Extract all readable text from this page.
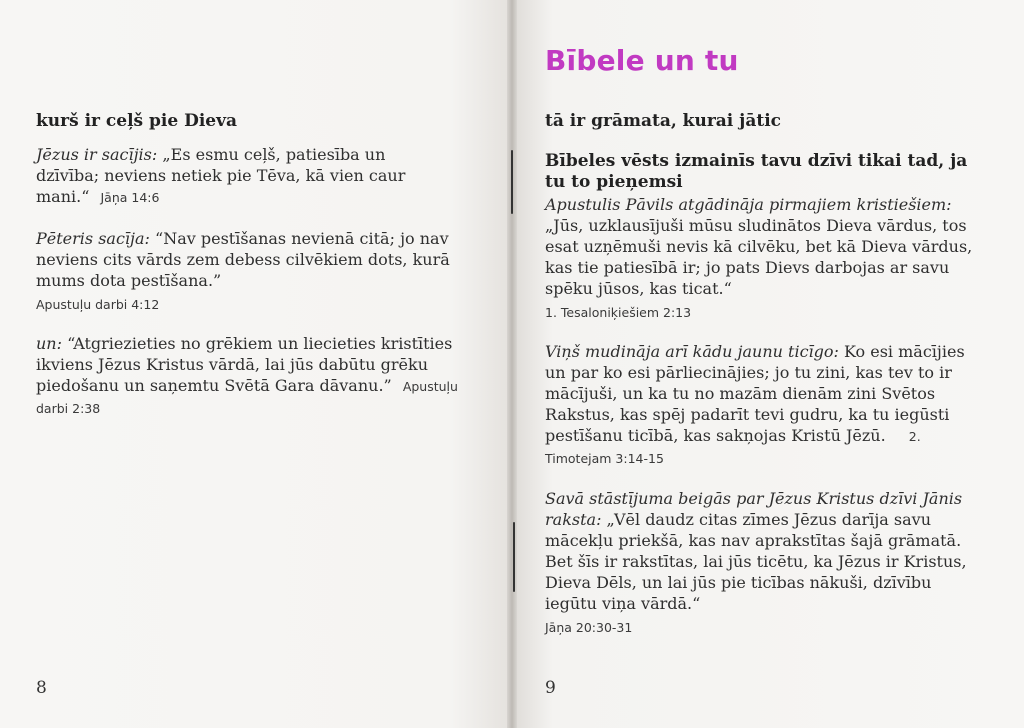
kurš ir ceļš pie Dieva
Jēzus ir sacījis: „Es esmu ceļš, patiesība un dzīvība; neviens netiek pie Tēva, kā vien caur mani.“ Jāņa 14:6
Pēteris sacīja: “Nav pestīšanas nevienā citā; jo nav neviens cits vārds zem debess cilvēkiem dots, kurā mums dota pestīšana.”
Apustuļu darbi 4:12
un: “Atgriezieties no grēkiem un liecieties kristīties ikviens Jēzus Kristus vārdā, lai jūs dabūtu grēku piedošanu un saņemtu Svētā Gara dāvanu.” Apustuļu darbi 2:38
8
Bībele un tu
tā ir grāmata, kurai jātic
Bībeles vēsts izmainīs tavu dzīvi tikai tad, ja tu to pieņemsi
Apustulis Pāvils atgādināja pirmajiem kristiešiem: „Jūs, uzklausījuši mūsu sludinātos Dieva vārdus, tos esat uzņēmuši nevis kā cilvēku, bet kā Dieva vārdus, kas tie patiesībā ir; jo pats Dievs darbojas ar savu spēku jūsos, kas ticat.“
1. Tesaloniķiešiem 2:13
Viņš mudināja arī kādu jaunu ticīgo: Ko esi mācījies un par ko esi pārliecinājies; jo tu zini, kas tev to ir mācījuši, un ka tu no mazām dienām zini Svētos Rakstus, kas spēj padarīt tevi gudru, ka tu iegūsti pestīšanu ticībā, kas sakņojas Kristū Jēzū. 2. Timotejam 3:14-15
Savā stāstījuma beigās par Jēzus Kristus dzīvi Jānis raksta: „Vēl daudz citas zīmes Jēzus darīja savu mācekļu priekšā, kas nav aprakstītas šajā grāmatā. Bet šīs ir rakstītas, lai jūs ticētu, ka Jēzus ir Kristus, Dieva Dēls, un lai jūs pie ticības nākuši, dzīvību iegūtu viņa vārdā.“
Jāņa 20:30-31
9
